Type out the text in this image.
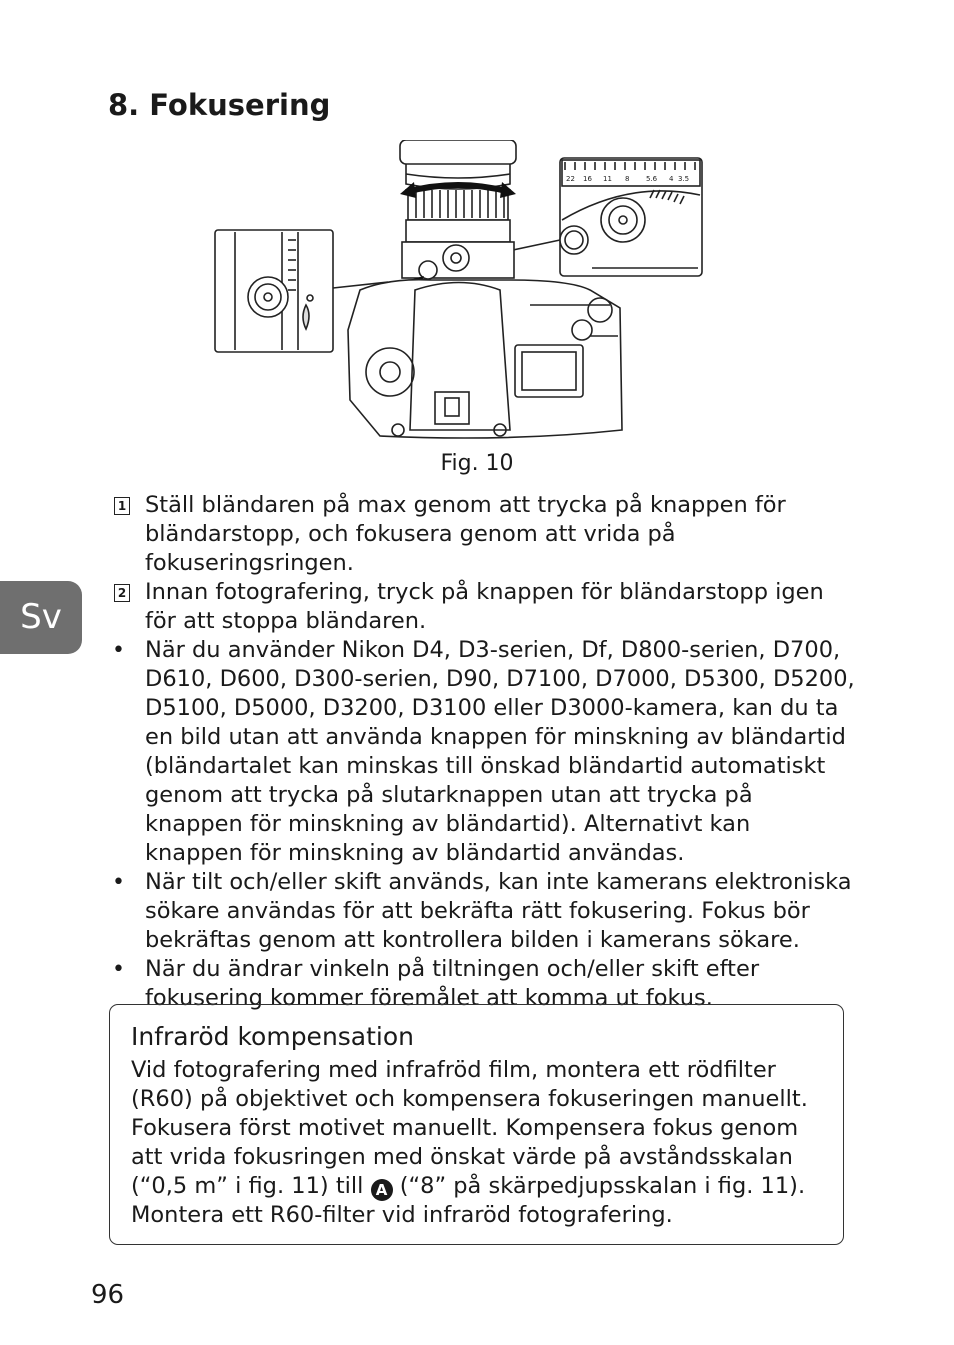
8. Fokusering
22 16 11 8 5.6 4 3.5
Fig. 10
1 Ställ bländaren på max genom att trycka på knappen för bländarstopp, och fokusera genom att vrida på fokuseringsringen.
2 Innan fotografering, tryck på knappen för bländarstopp igen för att stoppa bländaren.
• När du använder Nikon D4, D3-serien, Df, D800-serien, D700, D610, D600, D300-serien, D90, D7100, D7000, D5300, D5200, D5100, D5000, D3200, D3100 eller D3000-kamera, kan du ta en bild utan att använda knappen för minskning av bländartid (bländartalet kan minskas till önskad bländartid automatiskt genom att trycka på slutarknappen utan att trycka på knappen för minskning av bländartid). Alternativt kan knappen för minskning av bländartid användas.
• När tilt och/eller skift används, kan inte kamerans elektroniska sökare användas för att bekräfta rätt fokusering. Fokus bör bekräftas genom att kontrollera bilden i kamerans sökare.
• När du ändrar vinkeln på tiltningen och/eller skift efter fokusering kommer föremålet att komma ut fokus.
Sv
Infraröd kompensation
Vid fotografering med infrafröd film, montera ett rödfilter (R60) på objektivet och kompensera fokuseringen manuellt. Fokusera först motivet manuellt. Kompensera fokus genom att vrida fokusringen med önskat värde på avståndsskalan (“0,5 m” i fig. 11) till A (“8” på skärpedjupsskalan i fig. 11). Montera ett R60-filter vid infraröd fotografering.
96
